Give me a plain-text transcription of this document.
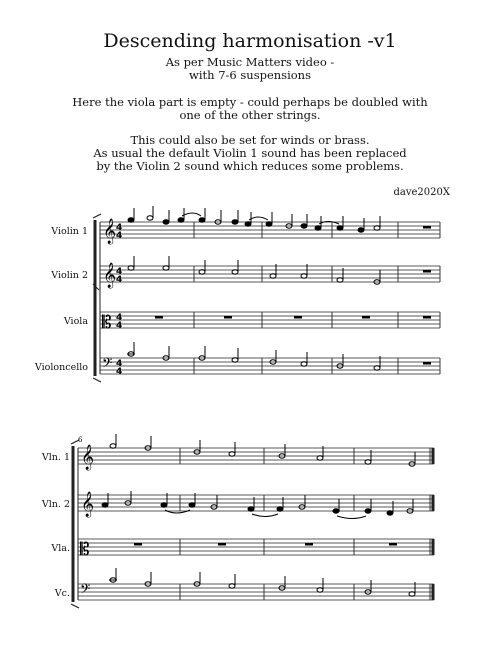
Descending harmonisation -v1
As per Music Matters video -
with 7-6 suspensions
Here the viola part is empty - could perhaps be doubled with
one of the other strings.
This could also be set for winds or brass.
As usual the default Violin 1 sound has been replaced
by the Violin 2 sound which reduces some problems.
dave2020X
Violin 1
Violin 2
Viola
Violoncello
Vln. 1
Vln. 2
Vla.
Vc.
𝄞
𝄞
𝄡
𝄢
4
4
4
4
4
4
4
4
𝄞
𝄞
𝄡
𝄢
6
